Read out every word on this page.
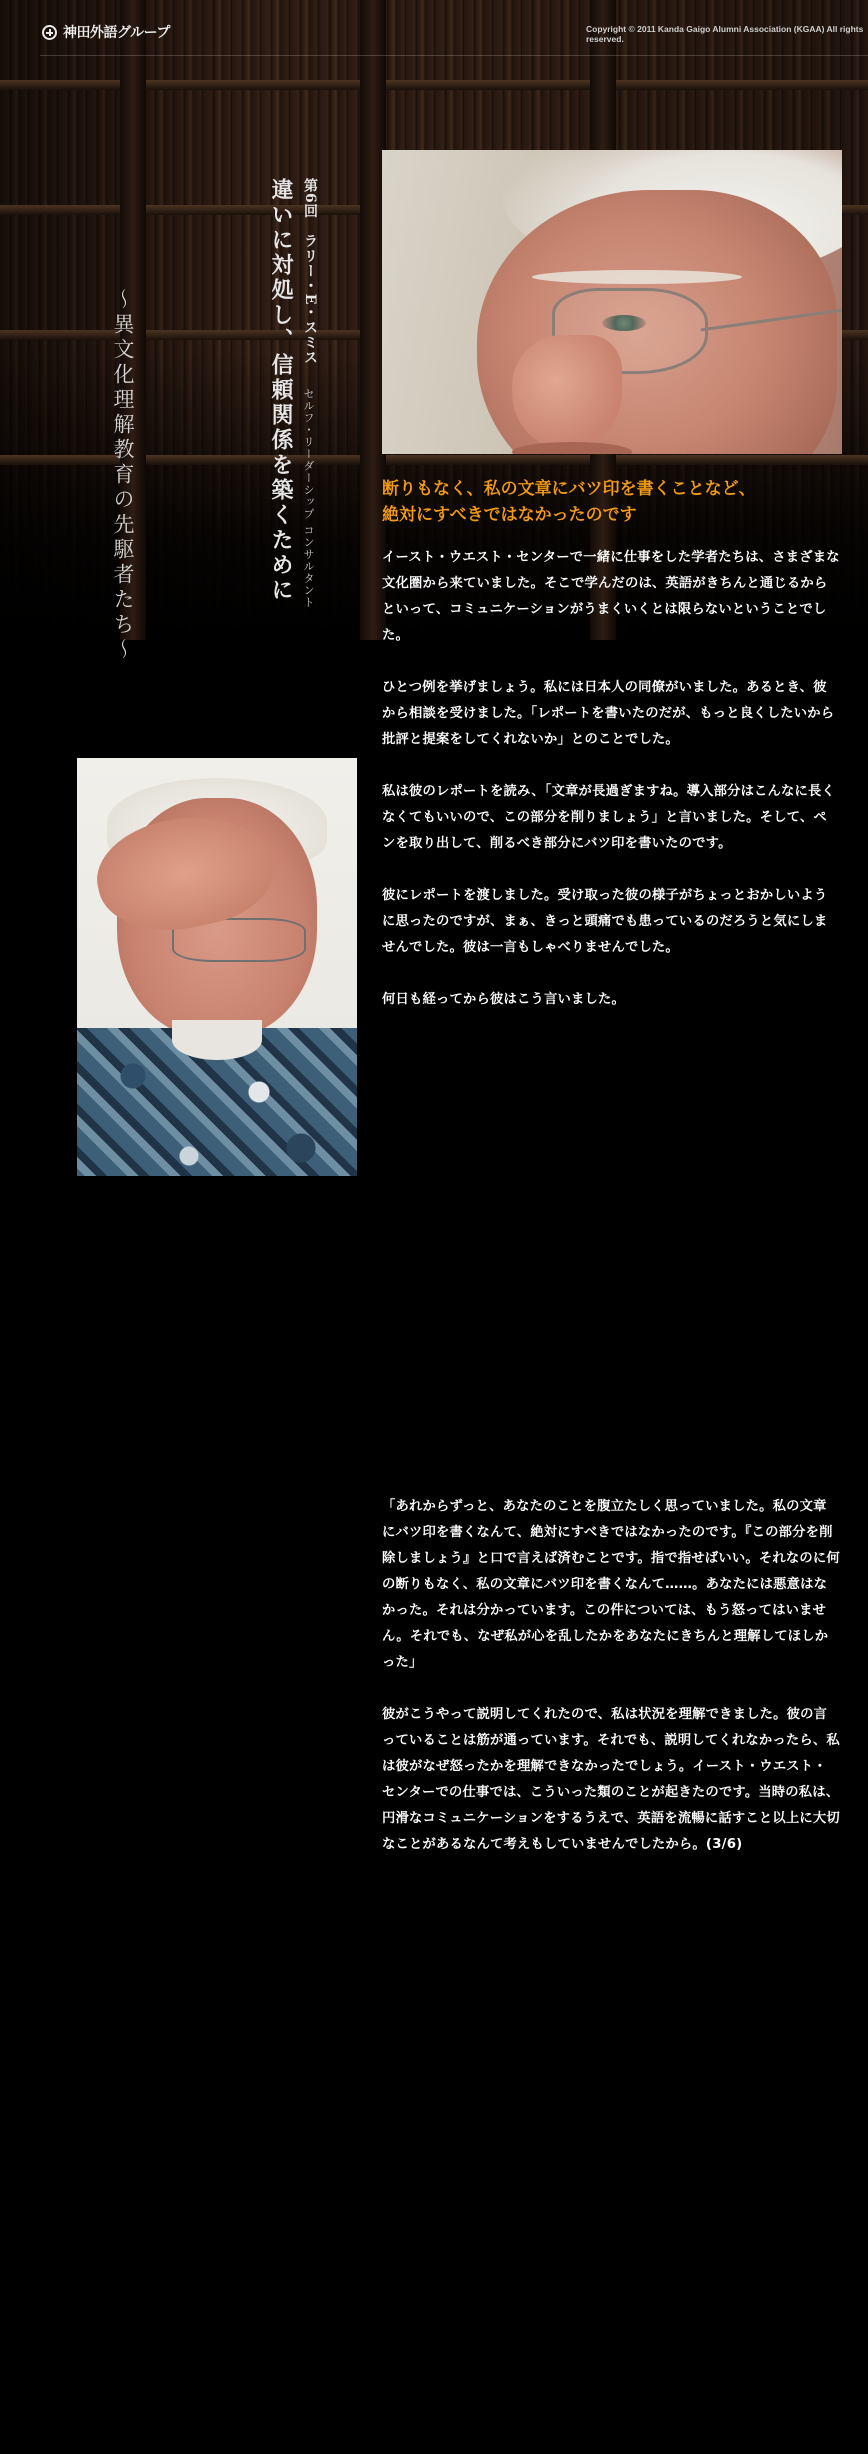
神田外語グループ	Copyright © 2011 Kanda Gaigo Alumni Association (KGAA) All rights reserved.
〜異文化理解教育の先駆者たち〜	違いに対処し、信頼関係を築くために 第6回　ラリー・E・スミス
セルフ・リーダーシップ コンサルタント	断りもなく、私の文章にバツ印を書くことなど、
絶対にすべきではなかったのです

イースト・ウエスト・センターで一緒に仕事をした学者たちは、さまざまな文化圏から来ていました。そこで学んだのは、英語がきちんと通じるからといって、コミュニケーションがうまくいくとは限らないということでした。

ひとつ例を挙げましょう。私には日本人の同僚がいました。あるとき、彼から相談を受けました。「レポートを書いたのだが、もっと良くしたいから批評と提案をしてくれないか」とのことでした。

私は彼のレポートを読み、「文章が長過ぎますね。導入部分はこんなに長くなくてもいいので、この部分を削りましょう」と言いました。そして、ペンを取り出して、削るべき部分にバツ印を書いたのです。

彼にレポートを渡しました。受け取った彼の様子がちょっとおかしいように思ったのですが、まぁ、きっと頭痛でも患っているのだろうと気にしませんでした。彼は一言もしゃべりませんでした。

何日も経ってから彼はこう言いました。

「あれからずっと、あなたのことを腹立たしく思っていました。私の文章にバツ印を書くなんて、絶対にすべきではなかったのです。『この部分を削除しましょう』と口で言えば済むことです。指で指せばいい。それなのに何の断りもなく、私の文章にバツ印を書くなんて……。あなたには悪意はなかった。それは分かっています。この件については、もう怒ってはいません。それでも、なぜ私が心を乱したかをあなたにきちんと理解してほしかった」

彼がこうやって説明してくれたので、私は状況を理解できました。彼の言っていることは筋が通っています。それでも、説明してくれなかったら、私は彼がなぜ怒ったかを理解できなかったでしょう。イースト・ウエスト・センターでの仕事では、こういった類のことが起きたのです。当時の私は、円滑なコミュニケーションをするうえで、英語を流暢に話すこと以上に大切なことがあるなんて考えもしていませんでしたから。(3/6)
